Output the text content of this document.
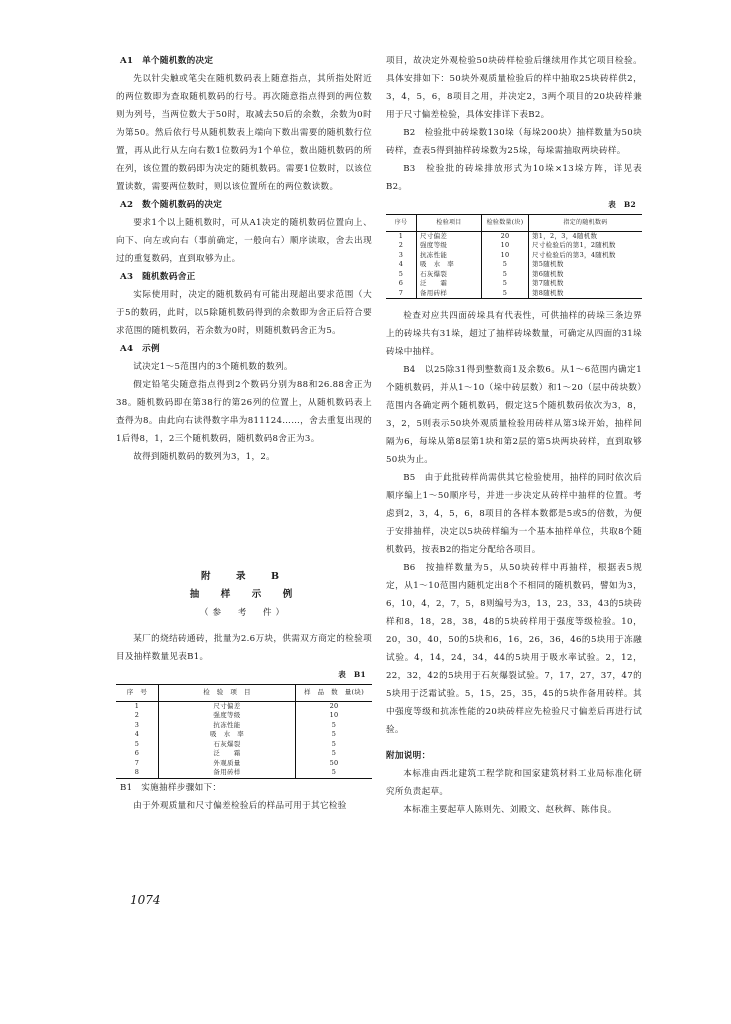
A1　单个随机数的决定

先以针尖触或笔尖在随机数码表上随意指点，其所指处附近的两位数即为查取随机数码的行号。再次随意指点得到的两位数则为列号，当两位数大于50时，取减去50后的余数，余数为0时为第50。然后依行号从随机数表上端向下数出需要的随机数行位置，再从此行从左向右数1位数码为1个单位，数出随机数码的所在列，该位置的数码即为决定的随机数码。需要1位数时，以该位置读数，需要两位数时，则以该位置所在的两位数读数。

A2　数个随机数码的决定

要求1个以上随机数时，可从A1决定的随机数码位置向上、向下、向左或向右（事前确定，一般向右）顺序读取，舍去出现过的重复数码，直到取够为止。

A3　随机数码舍正

实际使用时，决定的随机数码有可能出现超出要求范围（大于5的数码，此时，以5除随机数码得到的余数即为舍正后符合要求范围的随机数码，若余数为0时，则随机数码舍正为5。

A4　示例

试决定1～5范围内的3个随机数的数列。

假定铅笔尖随意指点得到2个数码分别为88和26.88舍正为38。随机数码即在第38行的第26列的位置上，从随机数码表上查得为8。由此向右读得数字串为811124……，舍去重复出现的1后得8，1，2三个随机数码，随机数码8舍正为3。

故得到随机数码的数列为3，1，2。

附　录　B

抽　样　示　例

（参　考　件）

某厂的烧结砖通砖，批量为2.6万块，供需双方商定的检验项目及抽样数量见表B1。

表　B1

序　号	检　验　项　目	样　品　数　量(块)
1	尺寸偏差	20
2	强度等级	10
3	抗冻性能	5
4	吸　水　率	5
5	石灰爆裂	5
6	泛　　霜	5
7	外观质量	50
8	备用砖样	5

B1　实施抽样步骤如下：

由于外观质量和尺寸偏差检验后的样品可用于其它检验

项目，故决定外观检验50块砖样检验后继续用作其它项目检验。具体安排如下：50块外观质量检验后的样中抽取25块砖样供2，3，4，5，6，8项目之用，并决定2，3两个项目的20块砖样兼用于尺寸偏差检验，具体安排详下表B2。

B2　检验批中砖垛数130垛（每垛200块）抽样数量为50块砖样，查表5得到抽样砖垛数为25垛，每垛需抽取两块砖样。

B3　检验批的砖垛排放形式为10垛×13垛方阵，详见表B2。

表　B2

序号	检验项目	检验数量(块)	指定的随机数码
1	尺寸偏差	20	第1，2，3，4随机数
2	强度等级	10	尺寸检验后的第1，2随机数
3	抗冻性能	10	尺寸检验后的第3，4随机数
4	吸　水　率	5	第5随机数
5	石灰爆裂	5	第6随机数
6	泛　　霜	5	第7随机数
7	备用砖样	5	第8随机数

检查对应共四面砖垛具有代表性，可供抽样的砖垛三条边界上的砖垛共有31垛，超过了抽样砖垛数量，可确定从四面的31垛砖垛中抽样。

B4　以25除31得到整数商1及余数6。从1～6范围内确定1个随机数码，并从1～10（垛中砖层数）和1～20（层中砖块数）范围内各确定两个随机数码，假定这5个随机数码依次为3，8，3，2，5则表示50块外观质量检验用砖样从第3垛开始，抽样间隔为6，每垛从第8层第1块和第2层的第5块两块砖样，直到取够50块为止。

B5　由于此批砖样尚需供其它检验使用，抽样的同时依次后顺序编上1～50顺序号，并进一步决定从砖样中抽样的位置。考虑到2，3，4，5，6，8项目的各样本数都是5或5的倍数，为便于安排抽样，决定以5块砖样编为一个基本抽样单位，共取8个随机数码，按表B2的指定分配给各项目。

B6　按抽样数量为5，从50块砖样中再抽样，根据表5规定，从1～10范围内随机定出8个不相同的随机数码，譬如为3，6，10，4，2，7，5，8则编号为3，13，23，33，43的5块砖样和8，18，28，38，48的5块砖样用于强度等级检验。10，20，30，40，50的5块和6，16，26，36，46的5块用于冻融试验。4，14，24，34，44的5块用于吸水率试验。2，12，22，32，42的5块用于石灰爆裂试验。7，17，27，37，47的5块用于泛霜试验。5，15，25，35，45的5块作备用砖样。其中强度等级和抗冻性能的20块砖样应先检验尺寸偏差后再进行试验。

附加说明：

本标准由西北建筑工程学院和国家建筑材料工业局标准化研究所负责起草。

本标准主要起草人陈则先、刘殿文、赵秋辉、陈伟良。

1074
